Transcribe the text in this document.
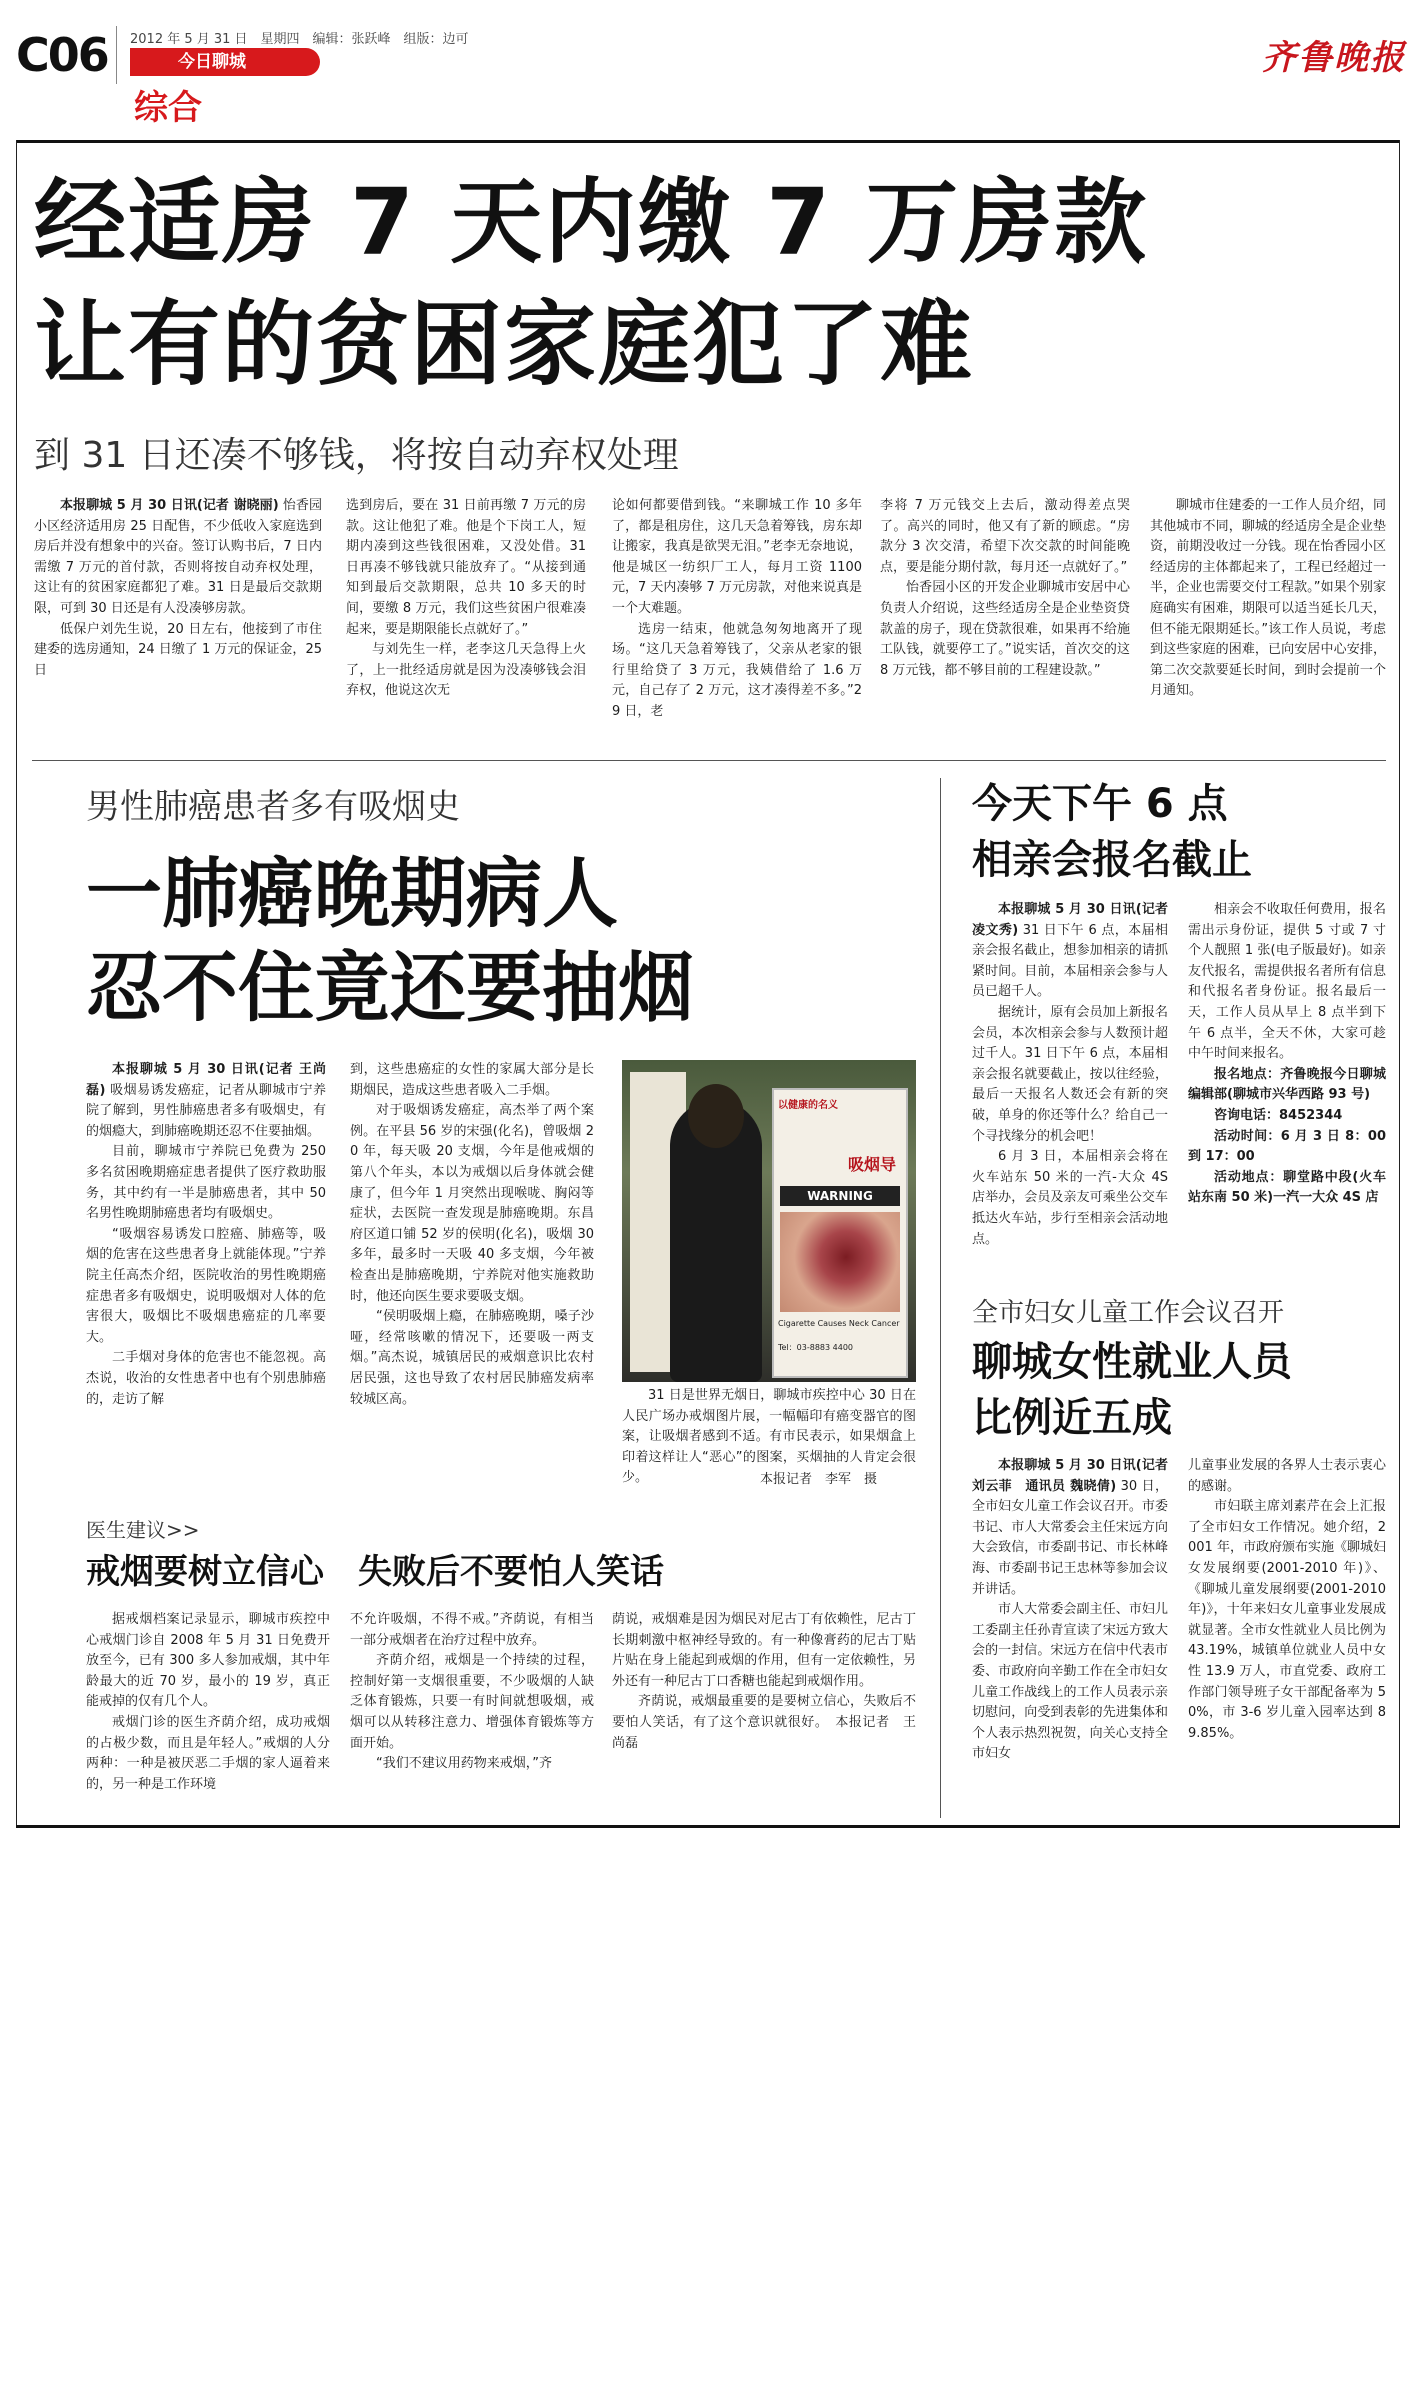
C06 2012 年 5 月 31 日　星期四　编辑：张跃峰　组版：边可
今日聊城
综合
齐鲁晚报
经适房 7 天内缴 7 万房款
让有的贫困家庭犯了难
到 31 日还凑不够钱，将按自动弃权处理

本报聊城 5 月 30 日讯(记者 谢晓丽) 怡香园小区经济适用房 25 日配售，不少低收入家庭选到房后并没有想象中的兴奋。签订认购书后，7 日内需缴 7 万元的首付款，否则将按自动弃权处理，这让有的贫困家庭都犯了难。31 日是最后交款期限，可到 30 日还是有人没凑够房款。

低保户刘先生说，20 日左右，他接到了市住建委的选房通知，24 日缴了 1 万元的保证金，25 日

选到房后，要在 31 日前再缴 7 万元的房款。这让他犯了难。他是个下岗工人，短期内凑到这些钱很困难，又没处借。31 日再凑不够钱就只能放弃了。“从接到通知到最后交款期限，总共 10 多天的时间，要缴 8 万元，我们这些贫困户很难凑起来，要是期限能长点就好了。”

与刘先生一样，老李这几天急得上火了，上一批经适房就是因为没凑够钱会泪弃权，他说这次无

论如何都要借到钱。“来聊城工作 10 多年了，都是租房住，这几天急着筹钱，房东却让搬家，我真是欲哭无泪。”老李无奈地说，他是城区一纺织厂工人，每月工资 1100 元，7 天内凑够 7 万元房款，对他来说真是一个大难题。

选房一结束，他就急匆匆地离开了现场。“这几天急着筹钱了，父亲从老家的银行里给贷了 3 万元，我姨借给了 1.6 万元，自己存了 2 万元，这才凑得差不多。”29 日，老

李将 7 万元钱交上去后，激动得差点哭了。高兴的同时，他又有了新的顾虑。“房款分 3 次交清，希望下次交款的时间能晚点，要是能分期付款，每月还一点就好了。”

怡香园小区的开发企业聊城市安居中心负责人介绍说，这些经适房全是企业垫资贷款盖的房子，现在贷款很难，如果再不给施工队钱，就要停工了。”说实话，首次交的这 8 万元钱，都不够目前的工程建设款。”

聊城市住建委的一工作人员介绍，同其他城市不同，聊城的经适房全是企业垫资，前期没收过一分钱。现在怡香园小区经适房的主体都起来了，工程已经超过一半，企业也需要交付工程款。”如果个别家庭确实有困难，期限可以适当延长几天，但不能无限期延长。”该工作人员说，考虑到这些家庭的困难，已向安居中心安排，第二次交款要延长时间，到时会提前一个月通知。

男性肺癌患者多有吸烟史
一肺癌晚期病人
忍不住竟还要抽烟

本报聊城 5 月 30 日讯(记者 王尚磊) 吸烟易诱发癌症，记者从聊城市宁养院了解到，男性肺癌患者多有吸烟史，有的烟瘾大，到肺癌晚期还忍不住要抽烟。

目前，聊城市宁养院已免费为 250 多名贫困晚期癌症患者提供了医疗救助服务，其中约有一半是肺癌患者，其中 50 名男性晚期肺癌患者均有吸烟史。

“吸烟容易诱发口腔癌、肺癌等，吸烟的危害在这些患者身上就能体现。”宁养院主任高杰介绍，医院收治的男性晚期癌症患者多有吸烟史，说明吸烟对人体的危害很大，吸烟比不吸烟患癌症的几率要大。

二手烟对身体的危害也不能忽视。高杰说，收治的女性患者中也有个别患肺癌的，走访了解

到，这些患癌症的女性的家属大部分是长期烟民，造成这些患者吸入二手烟。

对于吸烟诱发癌症，高杰举了两个案例。在平县 56 岁的宋强(化名)，曾吸烟 20 年，每天吸 20 支烟，今年是他戒烟的第八个年头，本以为戒烟以后身体就会健康了，但今年 1 月突然出现喉咙、胸闷等症状，去医院一查发现是肺癌晚期。东昌府区道口铺 52 岁的侯明(化名)，吸烟 30 多年，最多时一天吸 40 多支烟，今年被检查出是肺癌晚期，宁养院对他实施救助时，他还向医生要求要吸支烟。

“侯明吸烟上瘾，在肺癌晚期，嗓子沙哑，经常咳嗽的情况下，还要吸一两支烟。”高杰说，城镇居民的戒烟意识比农村居民强，这也导致了农村居民肺癌发病率较城区高。

以健康的名义
吸烟导
WARNING
Cigarette Causes Neck Cancer
Tel：03-8883 4400
31 日是世界无烟日，聊城市疾控中心 30 日在人民广场办戒烟图片展，一幅幅印有癌变器官的图案，让吸烟者感到不适。有市民表示，如果烟盒上印着这样让人“恶心”的图案，买烟抽的人肯定会很少。	本报记者　李军　摄
医生建议>>
戒烟要树立信心　失败后不要怕人笑话

据戒烟档案记录显示，聊城市疾控中心戒烟门诊自 2008 年 5 月 31 日免费开放至今，已有 300 多人参加戒烟，其中年龄最大的近 70 岁，最小的 19 岁，真正能戒掉的仅有几个人。

戒烟门诊的医生齐荫介绍，成功戒烟的占极少数，而且是年轻人。”戒烟的人分两种：一种是被厌恶二手烟的家人逼着来的，另一种是工作环境

不允许吸烟，不得不戒。”齐荫说，有相当一部分戒烟者在治疗过程中放弃。

齐荫介绍，戒烟是一个持续的过程，控制好第一支烟很重要，不少吸烟的人缺乏体育锻炼，只要一有时间就想吸烟，戒烟可以从转移注意力、增强体育锻炼等方面开始。

“我们不建议用药物来戒烟，”齐

荫说，戒烟难是因为烟民对尼古丁有依赖性，尼古丁长期刺激中枢神经导致的。有一种像膏药的尼古丁贴片贴在身上能起到戒烟的作用，但有一定依赖性，另外还有一种尼古丁口香糖也能起到戒烟作用。

齐荫说，戒烟最重要的是要树立信心，失败后不要怕人笑话，有了这个意识就很好。　本报记者　王尚磊

今天下午 6 点
相亲会报名截止

本报聊城 5 月 30 日讯(记者　凌文秀) 31 日下午 6 点，本届相亲会报名截止，想参加相亲的请抓紧时间。目前，本届相亲会参与人员已超千人。

据统计，原有会员加上新报名会员，本次相亲会参与人数预计超过千人。31 日下午 6 点，本届相亲会报名就要截止，按以往经验，最后一天报名人数还会有新的突破，单身的你还等什么？给自己一个寻找缘分的机会吧！

6 月 3 日，本届相亲会将在火车站东 50 米的一汽-大众 4S 店举办，会员及亲友可乘坐公交车抵达火车站，步行至相亲会活动地点。

相亲会不收取任何费用，报名需出示身份证，提供 5 寸或 7 寸个人靓照 1 张(电子版最好)。如亲友代报名，需提供报名者所有信息和代报名者身份证。报名最后一天，工作人员从早上 8 点半到下午 6 点半，全天不休，大家可趁中午时间来报名。

报名地点：齐鲁晚报今日聊城编辑部(聊城市兴华西路 93 号)

咨询电话：8452344

活动时间：6 月 3 日 8：00 到 17：00

活动地点：聊堂路中段(火车站东南 50 米)一汽一大众 4S 店

全市妇女儿童工作会议召开
聊城女性就业人员
比例近五成

本报聊城 5 月 30 日讯(记者　刘云菲　通讯员 魏晓倩) 30 日，全市妇女儿童工作会议召开。市委书记、市人大常委会主任宋远方向大会致信，市委副书记、市长林峰海、市委副书记王忠林等参加会议并讲话。

市人大常委会副主任、市妇儿工委副主任孙青宣读了宋远方致大会的一封信。宋远方在信中代表市委、市政府向辛勤工作在全市妇女儿童工作战线上的工作人员表示亲切慰问，向受到表彰的先进集体和个人表示热烈祝贺，向关心支持全市妇女

儿童事业发展的各界人士表示衷心的感谢。

市妇联主席刘素芹在会上汇报了全市妇女工作情况。她介绍，2001 年，市政府颁布实施《聊城妇女发展纲要(2001-2010 年)》、《聊城儿童发展纲要(2001-2010 年)》，十年来妇女儿童事业发展成就显著。全市女性就业人员比例为 43.19%，城镇单位就业人员中女性 13.9 万人，市直党委、政府工作部门领导班子女干部配备率为 50%，市 3-6 岁儿童入园率达到 89.85%。
